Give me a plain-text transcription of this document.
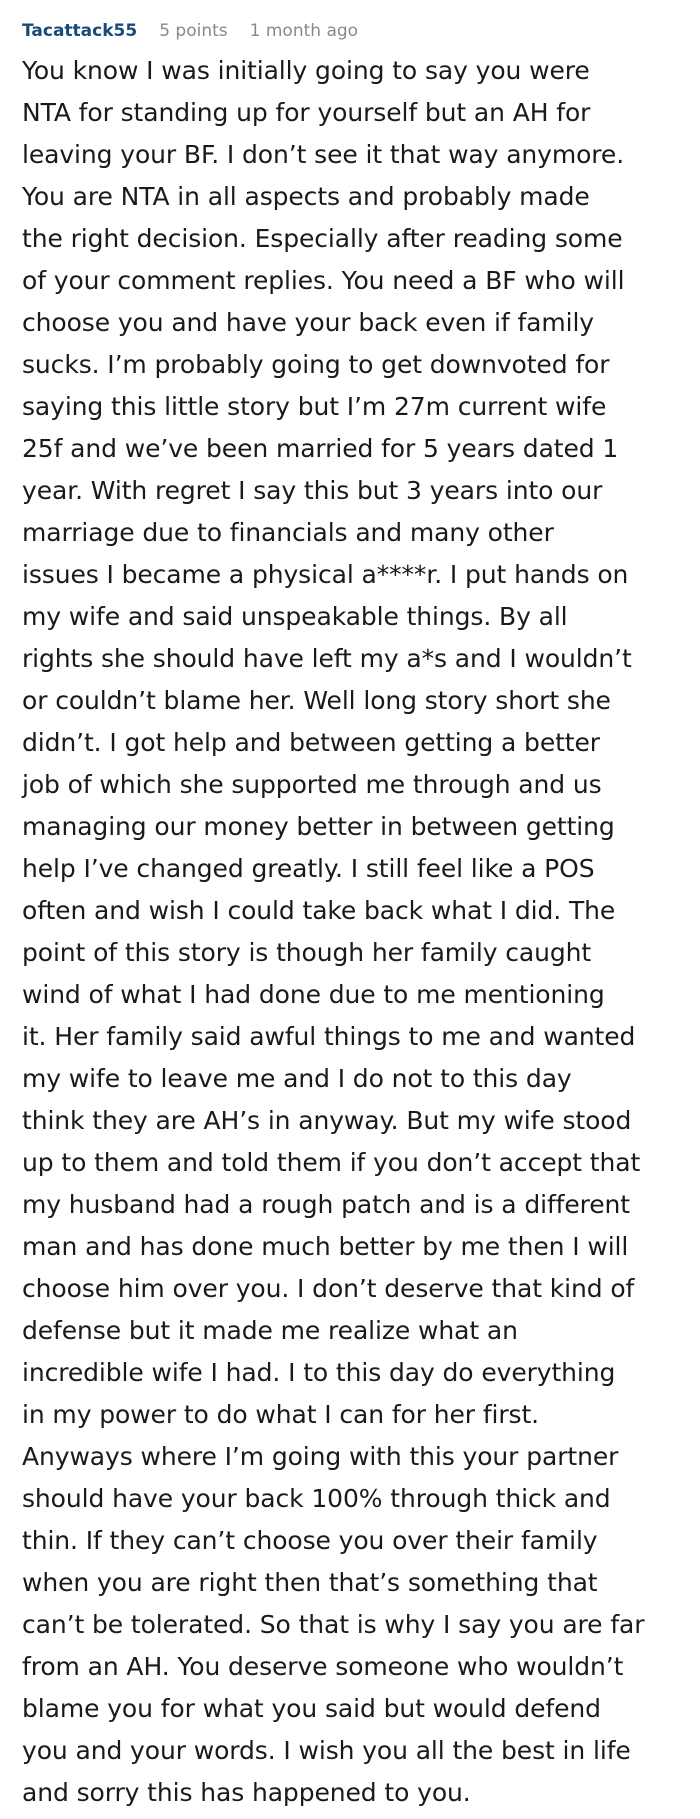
Tacattack55 5 points 1 month ago

You know I was initially going to say you were
NTA for standing up for yourself but an AH for
leaving your BF. I don’t see it that way anymore.
You are NTA in all aspects and probably made
the right decision. Especially after reading some
of your comment replies. You need a BF who will
choose you and have your back even if family
sucks. I’m probably going to get downvoted for
saying this little story but I’m 27m current wife
25f and we’ve been married for 5 years dated 1
year. With regret I say this but 3 years into our
marriage due to financials and many other
issues I became a physical a****r. I put hands on
my wife and said unspeakable things. By all
rights she should have left my a*s and I wouldn’t
or couldn’t blame her. Well long story short she
didn’t. I got help and between getting a better
job of which she supported me through and us
managing our money better in between getting
help I’ve changed greatly. I still feel like a POS
often and wish I could take back what I did. The
point of this story is though her family caught
wind of what I had done due to me mentioning
it. Her family said awful things to me and wanted
my wife to leave me and I do not to this day
think they are AH’s in anyway. But my wife stood
up to them and told them if you don’t accept that
my husband had a rough patch and is a different
man and has done much better by me then I will
choose him over you. I don’t deserve that kind of
defense but it made me realize what an
incredible wife I had. I to this day do everything
in my power to do what I can for her first.
Anyways where I’m going with this your partner
should have your back 100% through thick and
thin. If they can’t choose you over their family
when you are right then that’s something that
can’t be tolerated. So that is why I say you are far
from an AH. You deserve someone who wouldn’t
blame you for what you said but would defend
you and your words. I wish you all the best in life
and sorry this has happened to you.
